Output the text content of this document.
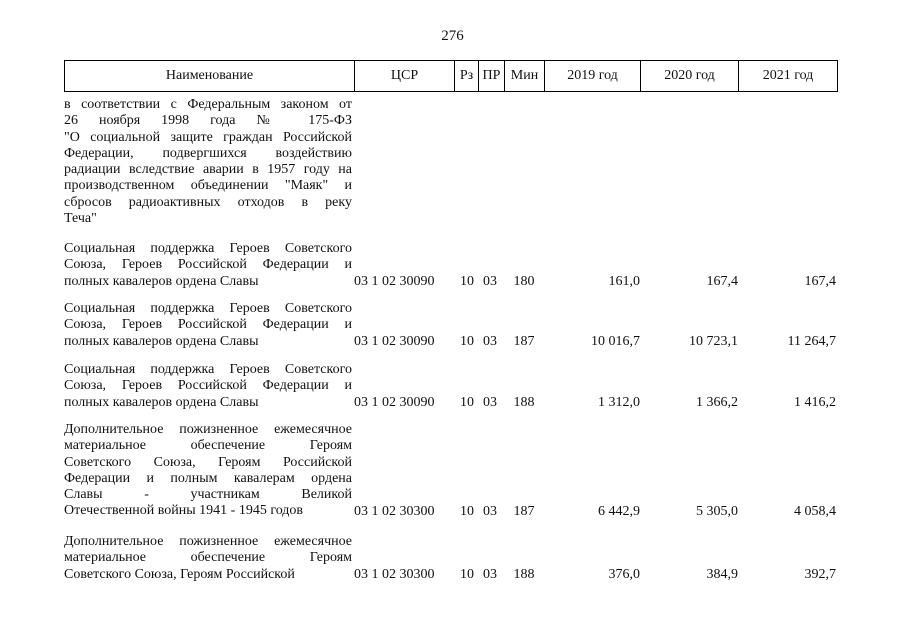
276
Наименование	ЦСР	Рз ПР Мин	2019 год	2020 год	2021 год
в соответствии с Федеральным законом от
26 ноября 1998 года № 175-ФЗ
"О социальной защите граждан Российской
Федерации, подвергшихся воздействию
радиации вследствие аварии в 1957 году на
производственном объединении "Маяк" и
сбросов радиоактивных отходов в реку
Теча"
Социальная поддержка Героев Советского
Союза, Героев Российской Федерации и
полных кавалеров ордена Славы	03 1 02 30090	10 03	180	161,0	167,4	167,4
Социальная поддержка Героев Советского
Союза, Героев Российской Федерации и
полных кавалеров ордена Славы	03 1 02 30090	10 03	187	10 016,7	10 723,1	11 264,7
Социальная поддержка Героев Советского
Союза, Героев Российской Федерации и
полных кавалеров ордена Славы	03 1 02 30090	10 03	188	1 312,0	1 366,2	1 416,2
Дополнительное пожизненное ежемесячное
материальное обеспечение Героям
Советского Союза, Героям Российской
Федерации и полным кавалерам ордена
Славы - участникам Великой
Отечественной войны 1941 - 1945 годов	03 1 02 30300	10 03	187	6 442,9	5 305,0	4 058,4
Дополнительное пожизненное ежемесячное
материальное обеспечение Героям
Советского Союза, Героям Российской	03 1 02 30300	10 03	188	376,0	384,9	392,7
